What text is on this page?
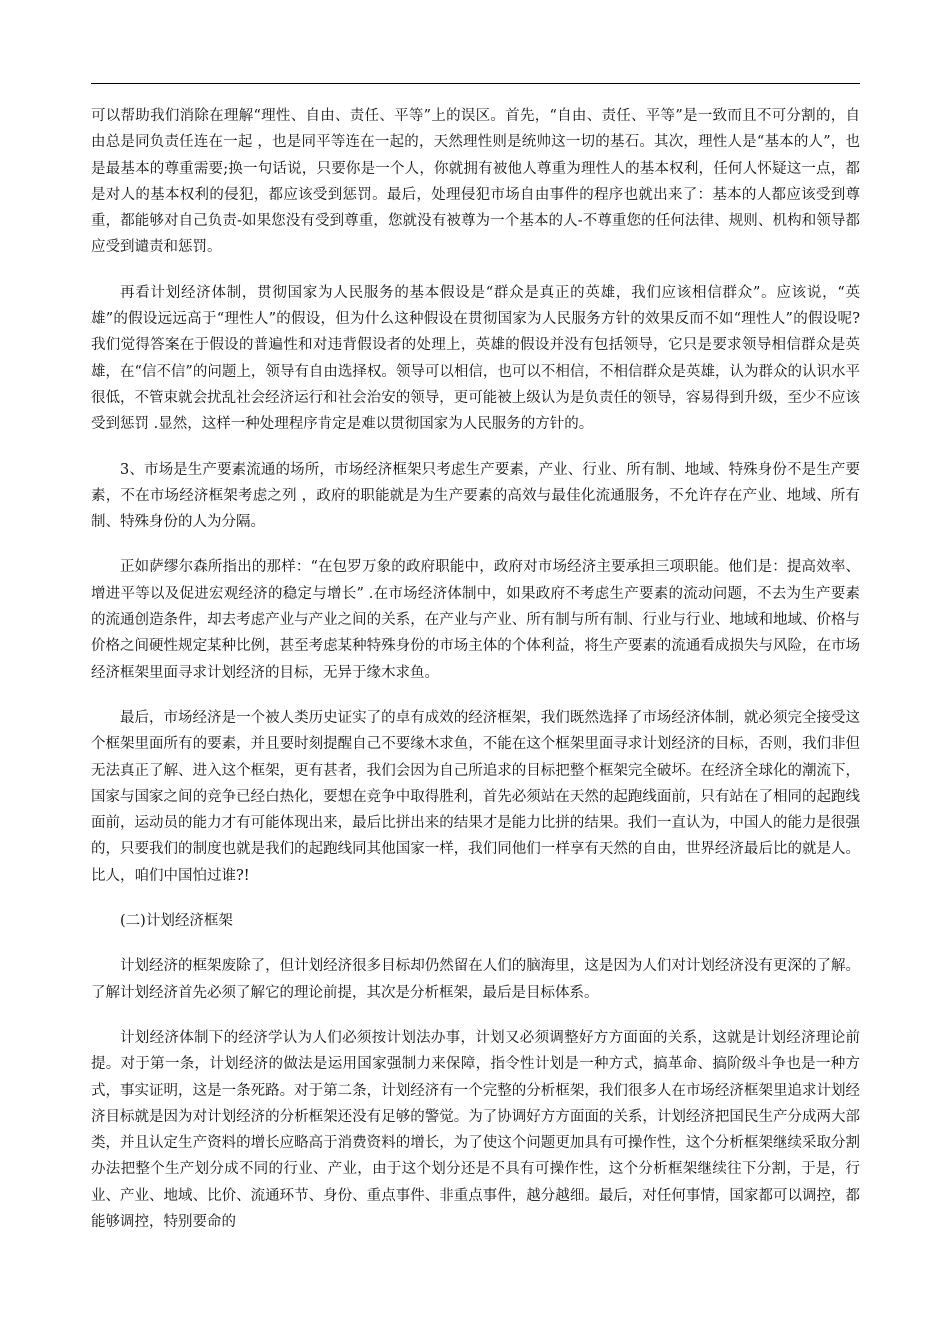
可以帮助我们消除在理解“理性、自由、责任、平等”上的误区。首先，“自由、责任、平等”是一致而且不可分割的，自由总是同负责任连在一起 ，也是同平等连在一起的，天然理性则是统帅这一切的基石。其次，理性人是“基本的人”，也是最基本的尊重需要;换一句话说，只要你是一个人，你就拥有被他人尊重为理性人的基本权利，任何人怀疑这一点，都是对人的基本权利的侵犯，都应该受到惩罚。最后，处理侵犯市场自由事件的程序也就出来了：基本的人都应该受到尊重，都能够对自己负责-如果您没有受到尊重，您就没有被尊为一个基本的人-不尊重您的任何法律、规则、机构和领导都应受到谴责和惩罚。

再看计划经济体制，贯彻国家为人民服务的基本假设是“群众是真正的英雄，我们应该相信群众”。应该说，“英雄”的假设远远高于“理性人”的假设，但为什么这种假设在贯彻国家为人民服务方针的效果反而不如“理性人”的假设呢?我们觉得答案在于假设的普遍性和对违背假设者的处理上，英雄的假设并没有包括领导，它只是要求领导相信群众是英雄，在“信不信”的问题上，领导有自由选择权。领导可以相信，也可以不相信，不相信群众是英雄，认为群众的认识水平很低，不管束就会扰乱社会经济运行和社会治安的领导，更可能被上级认为是负责任的领导，容易得到升级，至少不应该受到惩罚 .显然，这样一种处理程序肯定是难以贯彻国家为人民服务的方针的。

3、市场是生产要素流通的场所，市场经济框架只考虑生产要素，产业、行业、所有制、地域、特殊身份不是生产要素，不在市场经济框架考虑之列 ，政府的职能就是为生产要素的高效与最佳化流通服务，不允许存在产业、地域、所有制、特殊身份的人为分隔。

正如萨缪尔森所指出的那样：“在包罗万象的政府职能中，政府对市场经济主要承担三项职能。他们是：提高效率、增进平等以及促进宏观经济的稳定与增长” .在市场经济体制中，如果政府不考虑生产要素的流动问题，不去为生产要素的流通创造条件，却去考虑产业与产业之间的关系，在产业与产业、所有制与所有制、行业与行业、地域和地域、价格与价格之间硬性规定某种比例，甚至考虑某种特殊身份的市场主体的个体利益，将生产要素的流通看成损失与风险，在市场经济框架里面寻求计划经济的目标，无异于缘木求鱼。

最后，市场经济是一个被人类历史证实了的卓有成效的经济框架，我们既然选择了市场经济体制，就必须完全接受这个框架里面所有的要素，并且要时刻提醒自己不要缘木求鱼，不能在这个框架里面寻求计划经济的目标，否则，我们非但无法真正了解、进入这个框架，更有甚者，我们会因为自己所追求的目标把整个框架完全破坏。在经济全球化的潮流下，国家与国家之间的竞争已经白热化，要想在竞争中取得胜利，首先必须站在天然的起跑线面前，只有站在了相同的起跑线面前，运动员的能力才有可能体现出来，最后比拼出来的结果才是能力比拼的结果。我们一直认为，中国人的能力是很强的，只要我们的制度也就是我们的起跑线同其他国家一样，我们同他们一样享有天然的自由，世界经济最后比的就是人。比人，咱们中国怕过谁?!

(二)计划经济框架

计划经济的框架废除了，但计划经济很多目标却仍然留在人们的脑海里，这是因为人们对计划经济没有更深的了解。了解计划经济首先必须了解它的理论前提，其次是分析框架，最后是目标体系。

计划经济体制下的经济学认为人们必须按计划法办事，计划又必须调整好方方面面的关系，这就是计划经济理论前提。对于第一条，计划经济的做法是运用国家强制力来保障，指令性计划是一种方式，搞革命、搞阶级斗争也是一种方式，事实证明，这是一条死路。对于第二条，计划经济有一个完整的分析框架，我们很多人在市场经济框架里追求计划经济目标就是因为对计划经济的分析框架还没有足够的警觉。为了协调好方方面面的关系，计划经济把国民生产分成两大部类，并且认定生产资料的增长应略高于消费资料的增长，为了使这个问题更加具有可操作性，这个分析框架继续采取分割办法把整个生产划分成不同的行业、产业，由于这个划分还是不具有可操作性，这个分析框架继续往下分割，于是，行业、产业、地域、比价、流通环节、身份、重点事件、非重点事件，越分越细。最后，对任何事情，国家都可以调控，都能够调控，特别要命的
